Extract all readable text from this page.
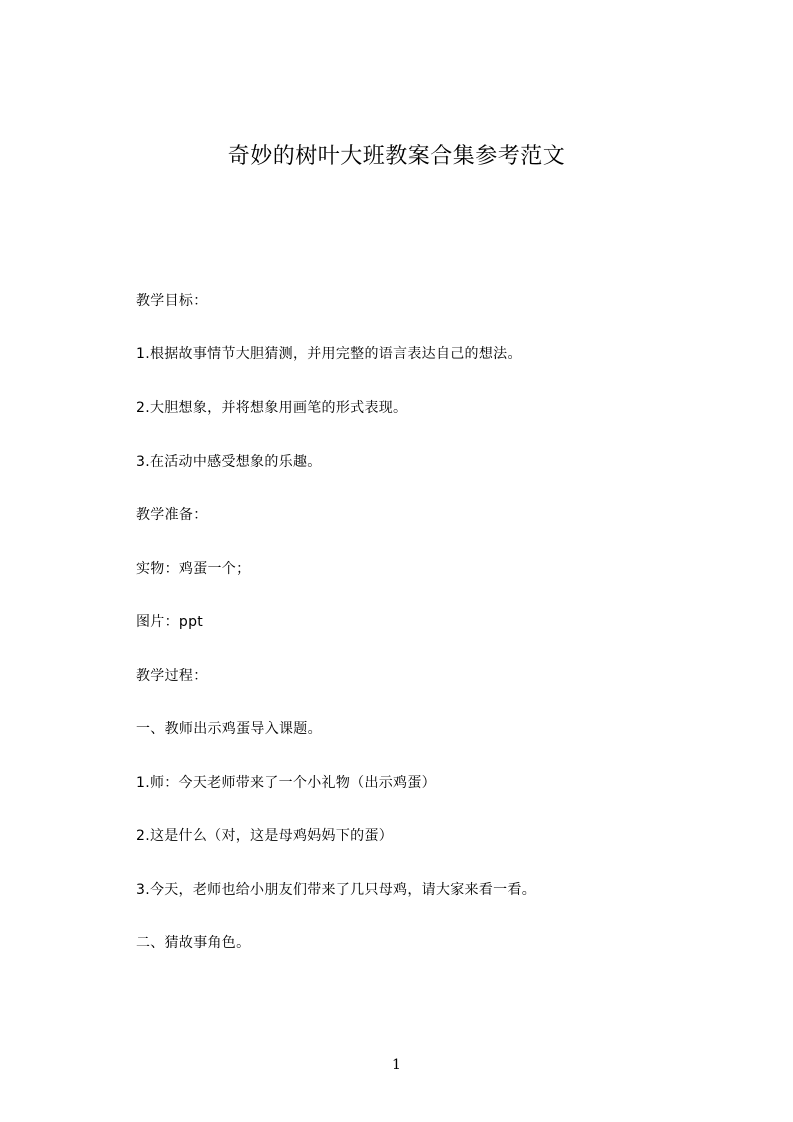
奇妙的树叶大班教案合集参考范文
教学目标：
1.根据故事情节大胆猜测，并用完整的语言表达自己的想法。
2.大胆想象，并将想象用画笔的形式表现。
3.在活动中感受想象的乐趣。
教学准备：
实物：鸡蛋一个；
图片：ppt
教学过程：
一、教师出示鸡蛋导入课题。
1.师：今天老师带来了一个小礼物（出示鸡蛋）
2.这是什么（对，这是母鸡妈妈下的蛋）
3.今天，老师也给小朋友们带来了几只母鸡，请大家来看一看。
二、猜故事角色。
1
